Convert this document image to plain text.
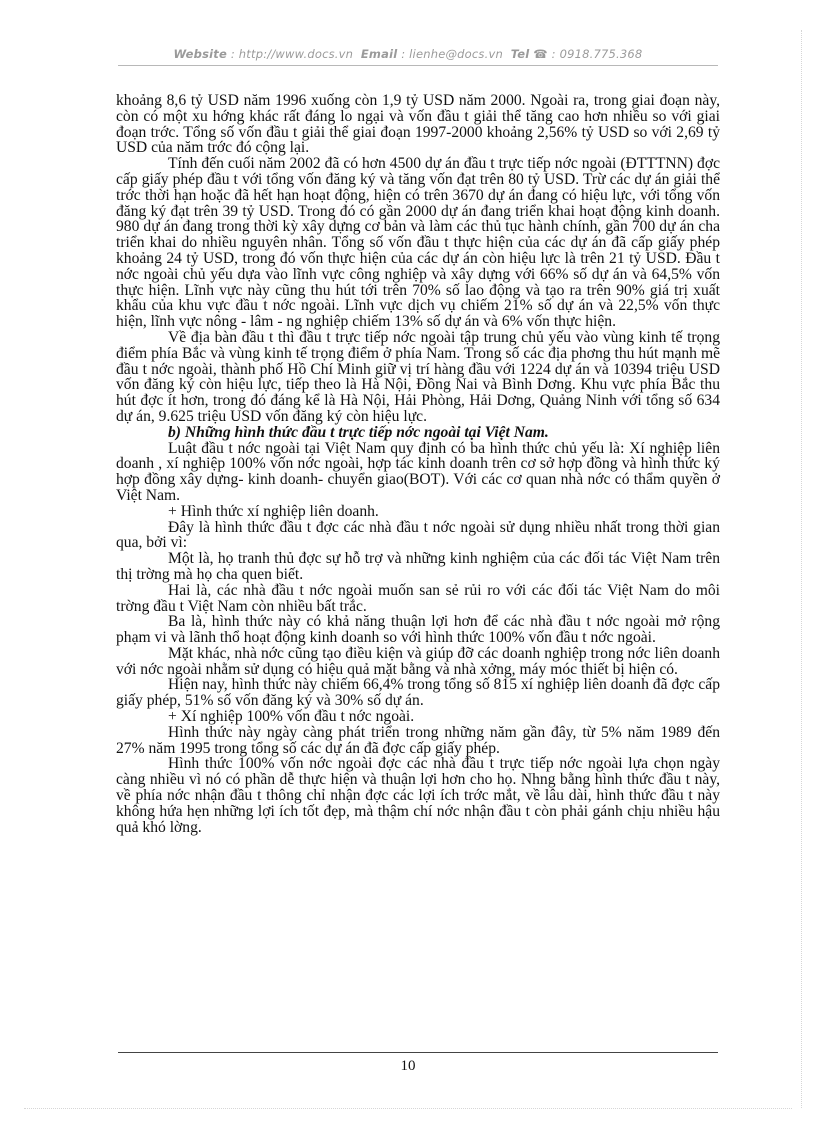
Website : http://www.docs.vn Email : lienhe@docs.vn Tel ☎ : 0918.775.368

khoảng 8,6 tỷ USD năm 1996 xuống còn 1,9 tỷ USD năm 2000. Ngoài ra, trong giai đoạn này, còn có một xu hớng khác rất đáng lo ngại và vốn đầu t giải thể tăng cao hơn nhiều so với giai đoạn trớc. Tổng số vốn đầu t giải thể giai đoạn 1997-2000 khoảng 2,56% tỷ USD so với 2,69 tỷ USD của năm trớc đó cộng lại.

Tính đến cuối năm 2002 đã có hơn 4500 dự án đầu t trực tiếp nớc ngoài (ĐTTTNN) đợc cấp giấy phép đầu t với tổng vốn đăng ký và tăng vốn đạt trên 80 tỷ USD. Trừ các dự án giải thể trớc thời hạn hoặc đã hết hạn hoạt động, hiện có trên 3670 dự án đang có hiệu lực, với tổng vốn đăng ký đạt trên 39 tỷ USD. Trong đó có gần 2000 dự án đang triển khai hoạt động kinh doanh. 980 dự án đang trong thời kỳ xây dựng cơ bản và làm các thủ tục hành chính, gần 700 dự án cha triển khai do nhiều nguyên nhân. Tổng số vốn đầu t thực hiện của các dự án đã cấp giấy phép khoảng 24 tỷ USD, trong đó vốn thực hiện của các dự án còn hiệu lực là trên 21 tỷ USD. Đầu t nớc ngoài chủ yếu dựa vào lĩnh vực công nghiệp và xây dựng với 66% số dự án và 64,5% vốn thực hiện. Lĩnh vực này cũng thu hút tới trên 70% số lao động và tạo ra trên 90% giá trị xuất khẩu của khu vực đầu t nớc ngoài. Lĩnh vực dịch vụ chiếm 21% số dự án và 22,5% vốn thực hiện, lĩnh vực nông - lâm - ng nghiệp chiếm 13% số dự án và 6% vốn thực hiện.

Về địa bàn đầu t thì đầu t trực tiếp nớc ngoài tập trung chủ yếu vào vùng kinh tế trọng điểm phía Bắc và vùng kinh tế trọng điểm ở phía Nam. Trong số các địa phơng thu hút mạnh mẽ đầu t nớc ngoài, thành phố Hồ Chí Minh giữ vị trí hàng đầu với 1224 dự án và 10394 triệu USD vốn đăng ký còn hiệu lực, tiếp theo là Hà Nội, Đồng Nai và Bình Dơng. Khu vực phía Bắc thu hút đợc ít hơn, trong đó đáng kể là Hà Nội, Hải Phòng, Hải Dơng, Quảng Ninh với tổng số 634 dự án, 9.625 triệu USD vốn đăng ký còn hiệu lực.

b) Những hình thức đầu t trực tiếp nớc ngoài tại Việt Nam.

Luật đầu t nớc ngoài tại Việt Nam quy định có ba hình thức chủ yếu là: Xí nghiệp liên doanh , xí nghiệp 100% vốn nớc ngoài, hợp tác kinh doanh trên cơ sở hợp đồng và hình thức ký hợp đồng xây dựng- kinh doanh- chuyển giao(BOT). Với các cơ quan nhà nớc có thẩm quyền ở Việt Nam.

+ Hình thức xí nghiệp liên doanh.

Đây là hình thức đầu t đợc các nhà đầu t nớc ngoài sử dụng nhiều nhất trong thời gian qua, bởi vì:

Một là, họ tranh thủ đợc sự hỗ trợ và những kinh nghiệm của các đối tác Việt Nam trên thị trờng mà họ cha quen biết.

Hai là, các nhà đầu t nớc ngoài muốn san sẻ rủi ro với các đối tác Việt Nam do môi trờng đầu t Việt Nam còn nhiều bất trắc.

Ba là, hình thức này có khả năng thuận lợi hơn để các nhà đầu t nớc ngoài mở rộng phạm vi và lãnh thổ hoạt động kinh doanh so với hình thức 100% vốn đầu t nớc ngoài.

Mặt khác, nhà nớc cũng tạo điều kiện và giúp đỡ các doanh nghiệp trong nớc liên doanh với nớc ngoài nhằm sử dụng có hiệu quả mặt bằng và nhà xởng, máy móc thiết bị hiện có.

Hiện nay, hình thức này chiếm 66,4% trong tổng số 815 xí nghiệp liên doanh đã đợc cấp giấy phép, 51% số vốn đăng ký và 30% số dự án.

+ Xí nghiệp 100% vốn đầu t nớc ngoài.

Hình thức này ngày càng phát triển trong những năm gần đây, từ 5% năm 1989 đến 27% năm 1995 trong tổng số các dự án đã đợc cấp giấy phép.

Hình thức 100% vốn nớc ngoài đợc các nhà đầu t trực tiếp nớc ngoài lựa chọn ngày càng nhiều vì nó có phần dễ thực hiện và thuận lợi hơn cho họ. Nhng bằng hình thức đầu t này, về phía nớc nhận đầu t thông chỉ nhận đợc các lợi ích trớc mắt, về lâu dài, hình thức đầu t này không hứa hẹn những lợi ích tốt đẹp, mà thậm chí nớc nhận đầu t còn phải gánh chịu nhiều hậu quả khó lờng.

10
